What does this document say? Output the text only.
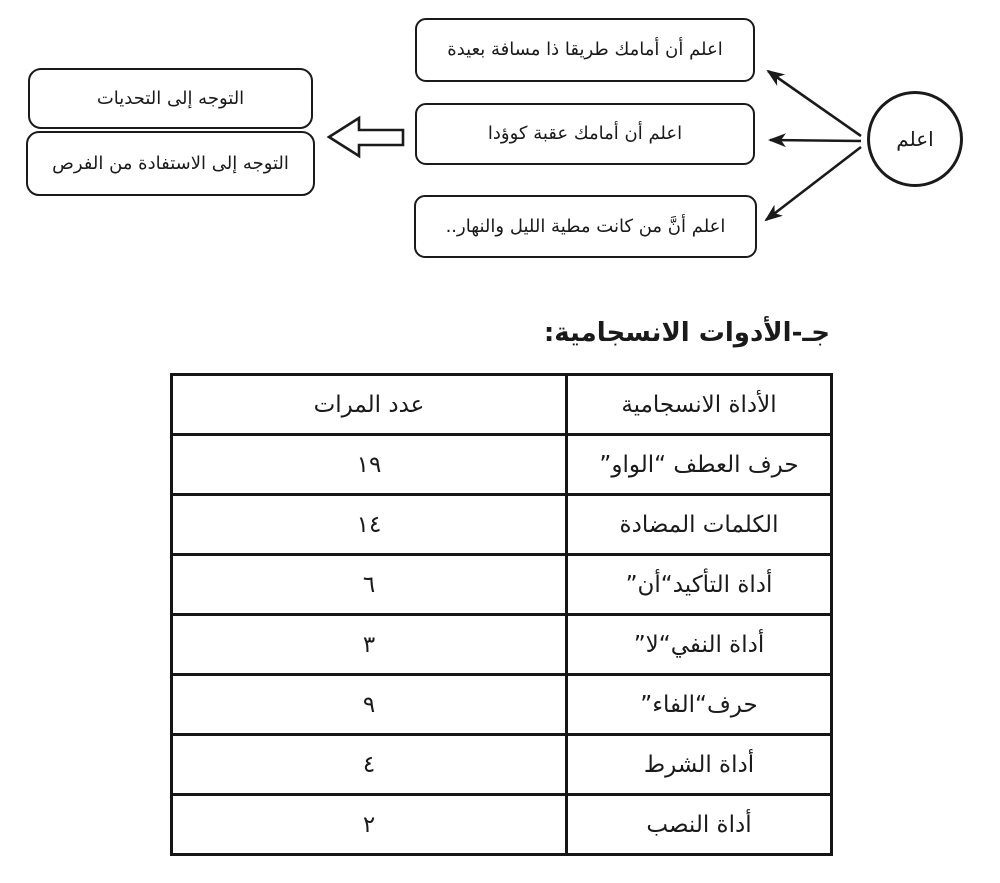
اعلم
اعلم أن أمامك طريقا ذا مسافة بعيدة
اعلم أن أمامك عقبة كوؤدا
اعلم أنَّ من كانت مطية الليل والنهار..
التوجه إلى التحديات
التوجه إلى الاستفادة من الفرص
جـ-الأدوات الانسجامية:
الأداة الانسجامية	عدد المرات
حرف العطف “الواو”	١٩
الكلمات المضادة	١٤
أداة التأكيد“أن”	٦
أداة النفي“لا”	٣
حرف“الفاء”	٩
أداة الشرط	٤
أداة النصب	٢
